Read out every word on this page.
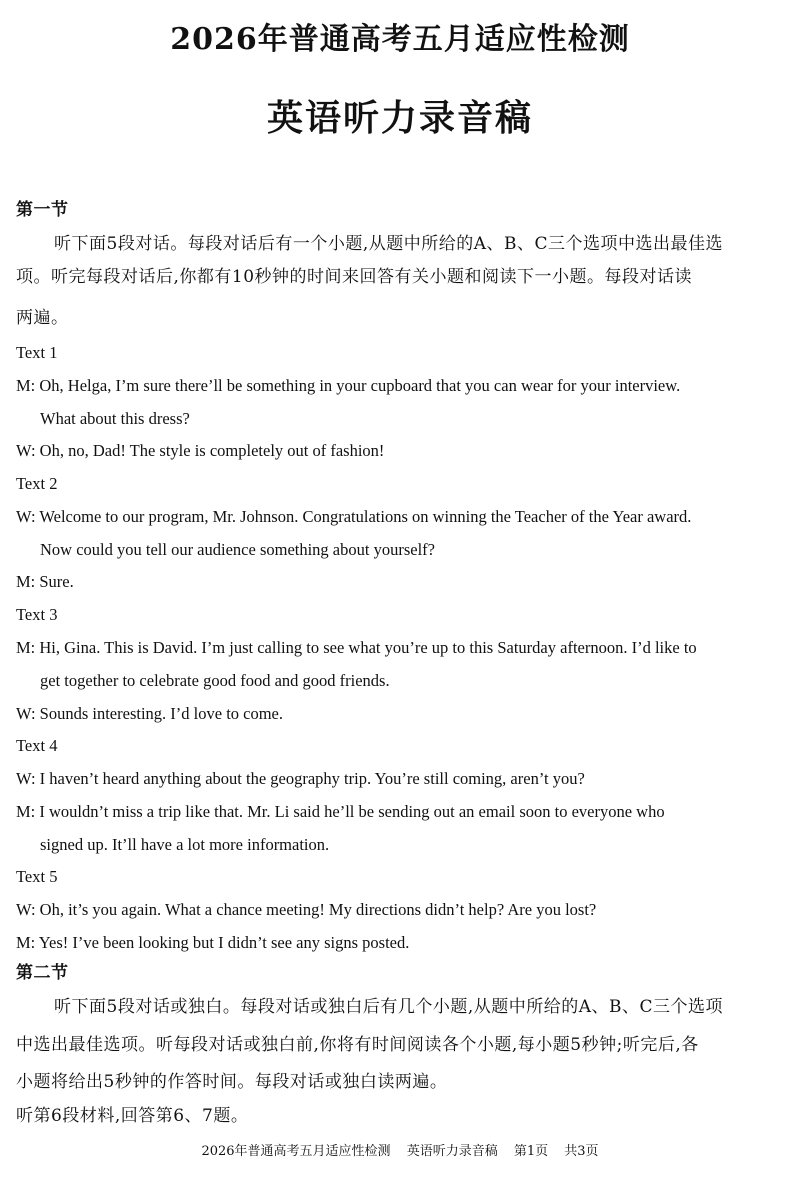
2026年普通高考五月适应性检测
英语听力录音稿
第一节
听下面5段对话。每段对话后有一个小题,从题中所给的A、B、C三个选项中选出最佳选
项。听完每段对话后,你都有10秒钟的时间来回答有关小题和阅读下一小题。每段对话读
两遍。
Text 1
M: Oh, Helga, I’m sure there’ll be something in your cupboard that you can wear for your interview.
What about this dress?
W: Oh, no, Dad! The style is completely out of fashion!
Text 2
W: Welcome to our program, Mr. Johnson. Congratulations on winning the Teacher of the Year award.
Now could you tell our audience something about yourself?
M: Sure.
Text 3
M: Hi, Gina. This is David. I’m just calling to see what you’re up to this Saturday afternoon. I’d like to
get together to celebrate good food and good friends.
W: Sounds interesting. I’d love to come.
Text 4
W: I haven’t heard anything about the geography trip. You’re still coming, aren’t you?
M: I wouldn’t miss a trip like that. Mr. Li said he’ll be sending out an email soon to everyone who
signed up. It’ll have a lot more information.
Text 5
W: Oh, it’s you again. What a chance meeting! My directions didn’t help? Are you lost?
M: Yes! I’ve been looking but I didn’t see any signs posted.
第二节
听下面5段对话或独白。每段对话或独白后有几个小题,从题中所给的A、B、C三个选项
中选出最佳选项。听每段对话或独白前,你将有时间阅读各个小题,每小题5秒钟;听完后,各
小题将给出5秒钟的作答时间。每段对话或独白读两遍。
听第6段材料,回答第6、7题。
2026年普通高考五月适应性检测 英语听力录音稿 第1页 共3页
